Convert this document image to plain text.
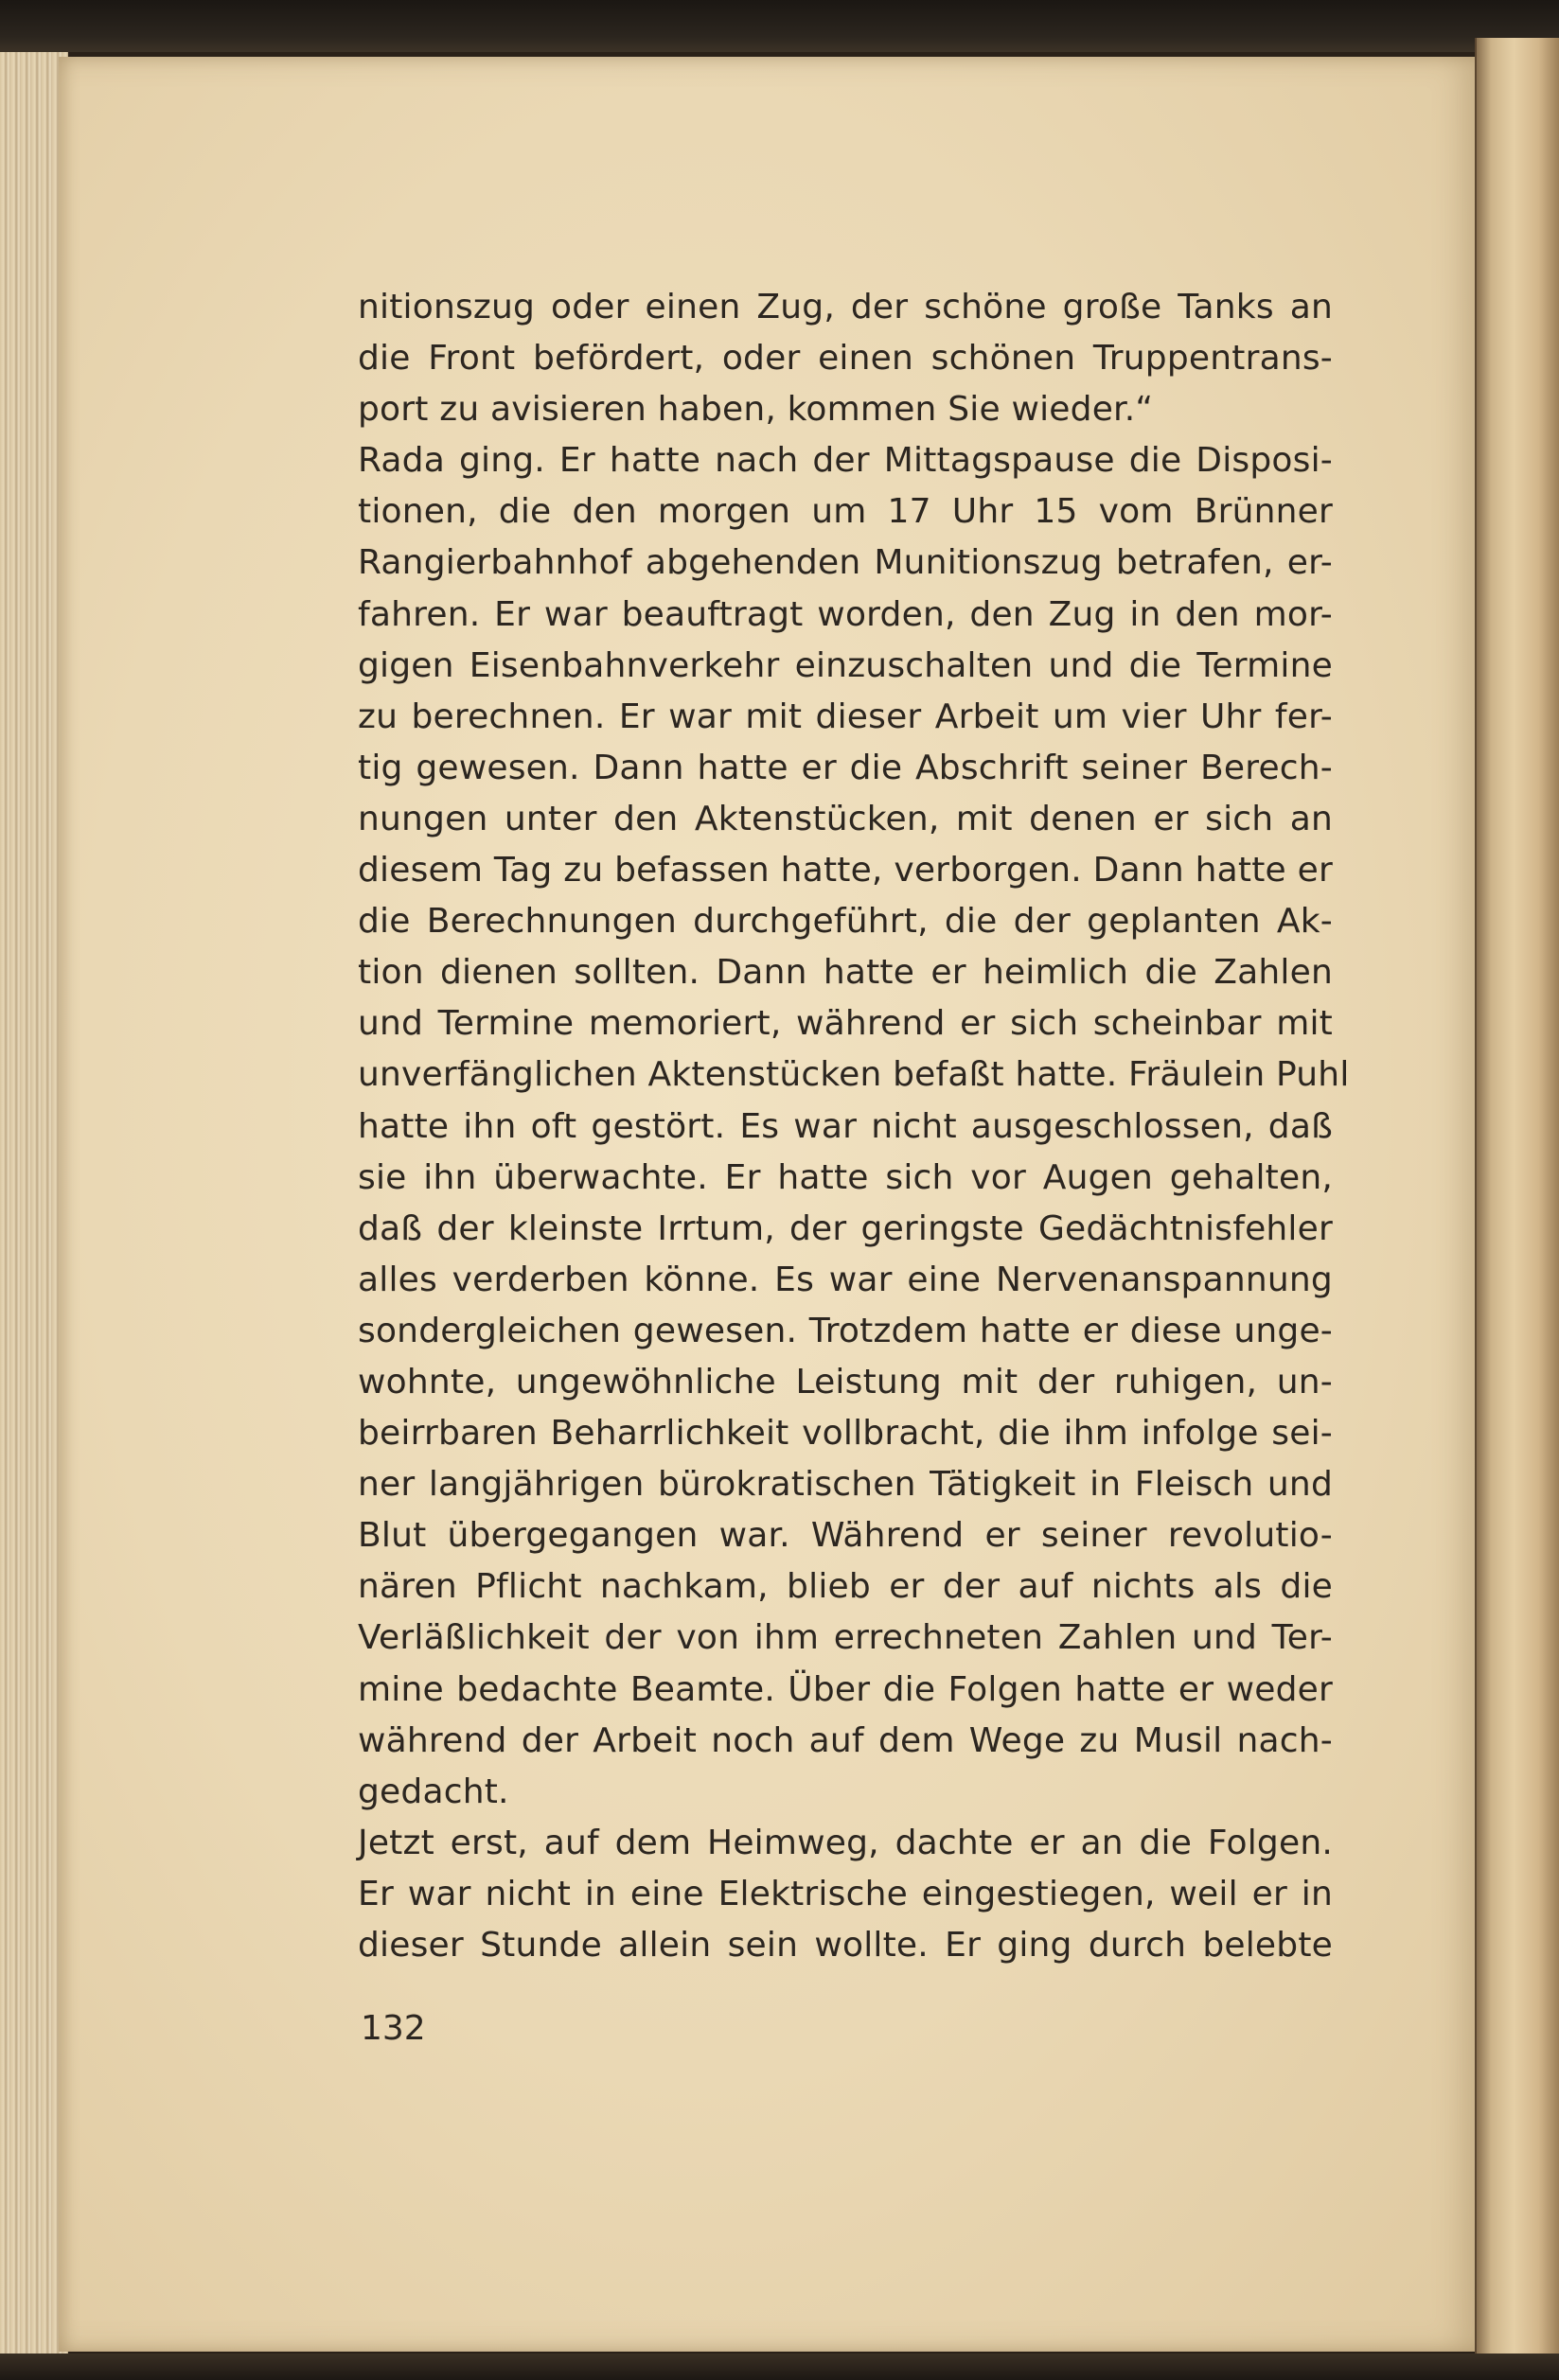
nitionszug oder einen Zug, der schöne große Tanks an
die Front befördert, oder einen schönen Truppentrans-
port zu avisieren haben, kommen Sie wieder.“
Rada ging. Er hatte nach der Mittagspause die Disposi-
tionen, die den morgen um 17 Uhr 15 vom Brünner
Rangierbahnhof abgehenden Munitionszug betrafen, er-
fahren. Er war beauftragt worden, den Zug in den mor-
gigen Eisenbahnverkehr einzuschalten und die Termine
zu berechnen. Er war mit dieser Arbeit um vier Uhr fer-
tig gewesen. Dann hatte er die Abschrift seiner Berech-
nungen unter den Aktenstücken, mit denen er sich an
diesem Tag zu befassen hatte, verborgen. Dann hatte er
die Berechnungen durchgeführt, die der geplanten Ak-
tion dienen sollten. Dann hatte er heimlich die Zahlen
und Termine memoriert, während er sich scheinbar mit
unverfänglichen Aktenstücken befaßt hatte. Fräulein Puhl
hatte ihn oft gestört. Es war nicht ausgeschlossen, daß
sie ihn überwachte. Er hatte sich vor Augen gehalten,
daß der kleinste Irrtum, der geringste Gedächtnisfehler
alles verderben könne. Es war eine Nervenanspannung
sondergleichen gewesen. Trotzdem hatte er diese unge-
wohnte, ungewöhnliche Leistung mit der ruhigen, un-
beirrbaren Beharrlichkeit vollbracht, die ihm infolge sei-
ner langjährigen bürokratischen Tätigkeit in Fleisch und
Blut übergegangen war. Während er seiner revolutio-
nären Pflicht nachkam, blieb er der auf nichts als die
Verläßlichkeit der von ihm errechneten Zahlen und Ter-
mine bedachte Beamte. Über die Folgen hatte er weder
während der Arbeit noch auf dem Wege zu Musil nach-
gedacht.
Jetzt erst, auf dem Heimweg, dachte er an die Folgen.
Er war nicht in eine Elektrische eingestiegen, weil er in
dieser Stunde allein sein wollte. Er ging durch belebte
132
